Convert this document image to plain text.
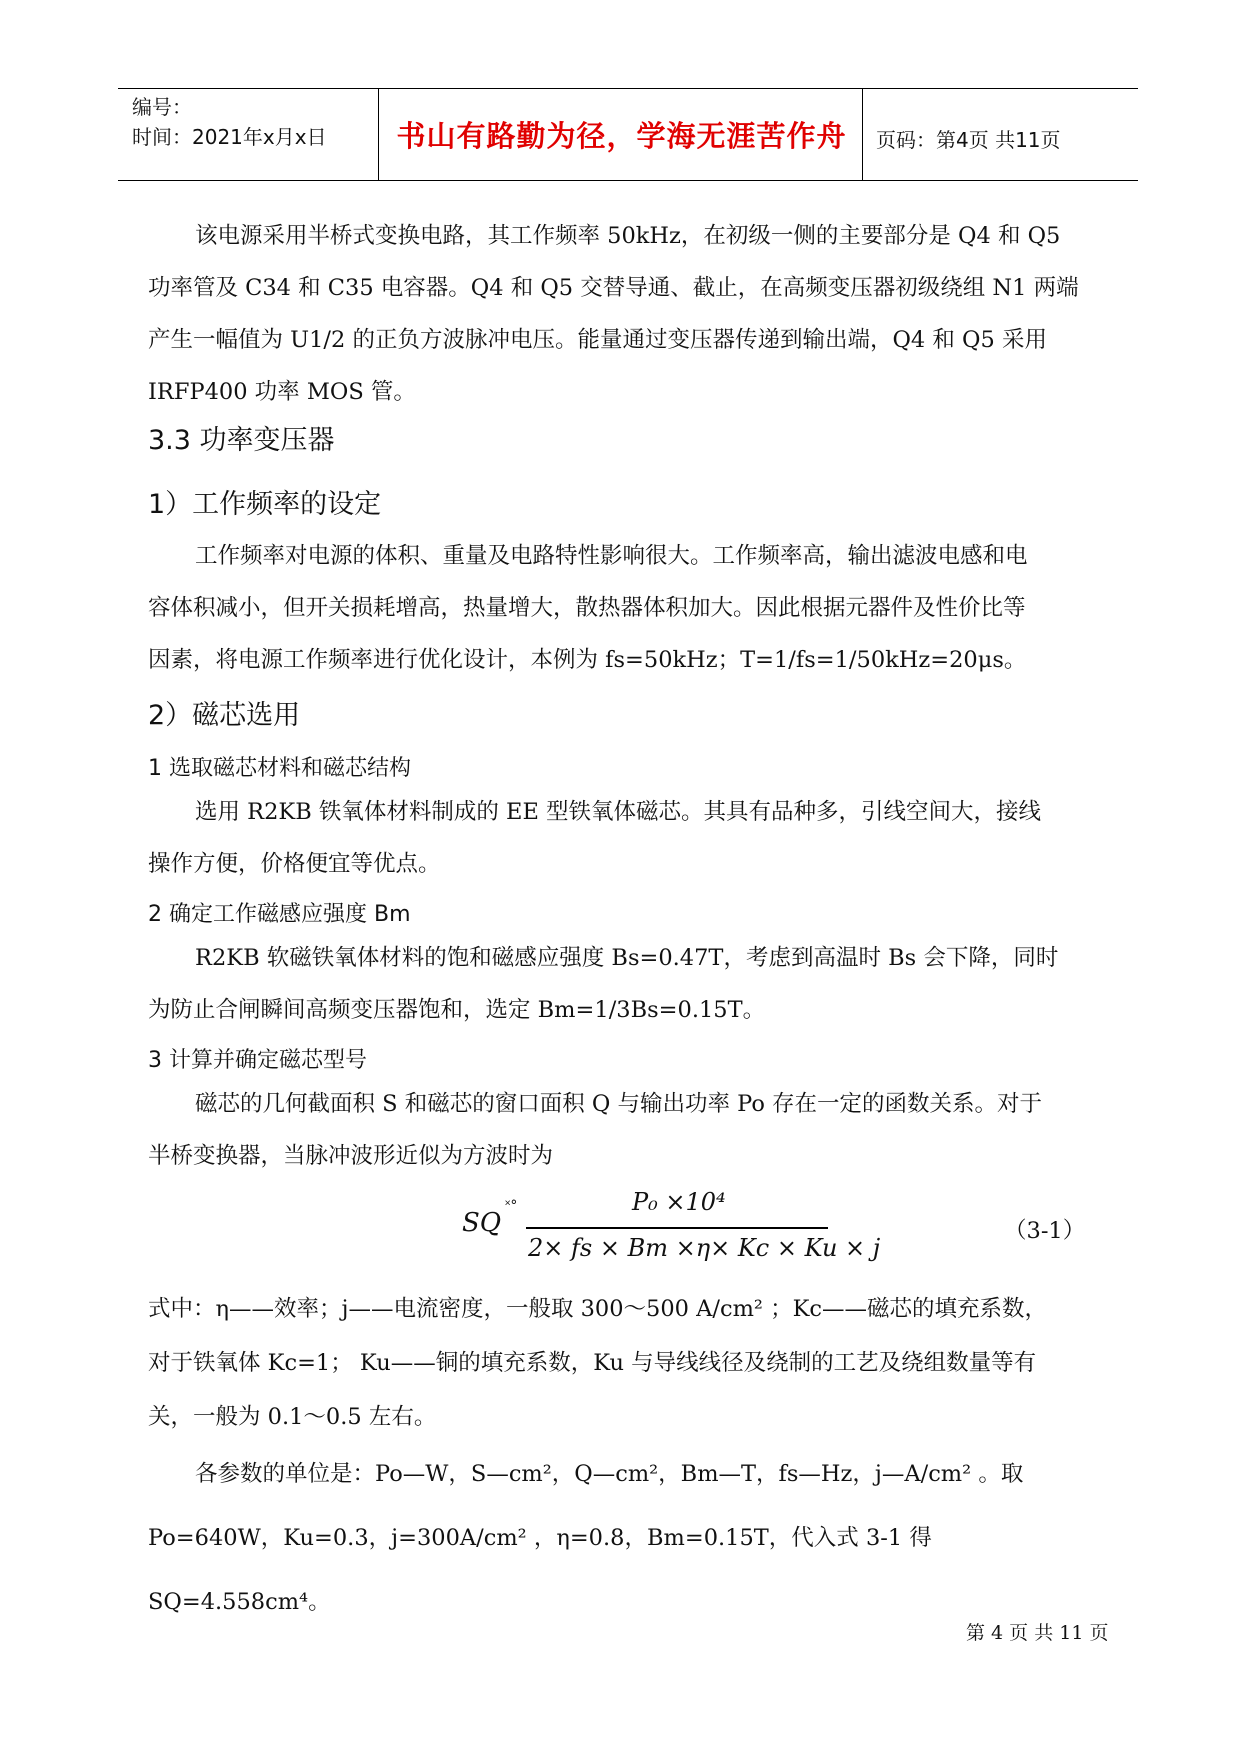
编号：
时间：2021年x月x日	书山有路勤为径，学海无涯苦作舟	页码：第4页 共11页
该电源采用半桥式变换电路，其工作频率 50kHz，在初级一侧的主要部分是 Q4 和 Q5
功率管及 C34 和 C35 电容器。Q4 和 Q5 交替导通、截止，在高频变压器初级绕组 N1 两端
产生一幅值为 U1/2 的正负方波脉冲电压。能量通过变压器传递到输出端，Q4 和 Q5 采用
IRFP400 功率 MOS 管。
3.3 功率变压器
1）工作频率的设定
工作频率对电源的体积、重量及电路特性影响很大。工作频率高，输出滤波电感和电
容体积减小，但开关损耗增高，热量增大，散热器体积加大。因此根据元器件及性价比等
因素，将电源工作频率进行优化设计，本例为 fs=50kHz；T=1/fs=1/50kHz=20μs。
2）磁芯选用
1 选取磁芯材料和磁芯结构
选用 R2KB 铁氧体材料制成的 EE 型铁氧体磁芯。其具有品种多，引线空间大，接线
操作方便，价格便宜等优点。
2 确定工作磁感应强度 Bm
R2KB 软磁铁氧体材料的饱和磁感应强度 Bs=0.47T，考虑到高温时 Bs 会下降，同时
为防止合闸瞬间高频变压器饱和，选定 Bm=1/3Bs=0.15T。
3 计算并确定磁芯型号
磁芯的几何截面积 S 和磁芯的窗口面积 Q 与输出功率 Po 存在一定的函数关系。对于
半桥变换器，当脉冲波形近似为方波时为
SQ
˟°	P₀ ×10⁴
2× fs × Bm ×η× Kc × Ku × j
（3-1）
式中：η——效率；j——电流密度，一般取 300～500 A/cm² ；Kc——磁芯的填充系数，
对于铁氧体 Kc=1； Ku——铜的填充系数，Ku 与导线线径及绕制的工艺及绕组数量等有
关，一般为 0.1～0.5 左右。
各参数的单位是：Po—W，S—cm²，Q—cm²，Bm—T，fs—Hz，j—A/cm² 。取
Po=640W，Ku=0.3，j=300A/cm² ，η=0.8，Bm=0.15T，代入式 3-1 得 SQ=4.558cm⁴。
第 4 页 共 11 页
